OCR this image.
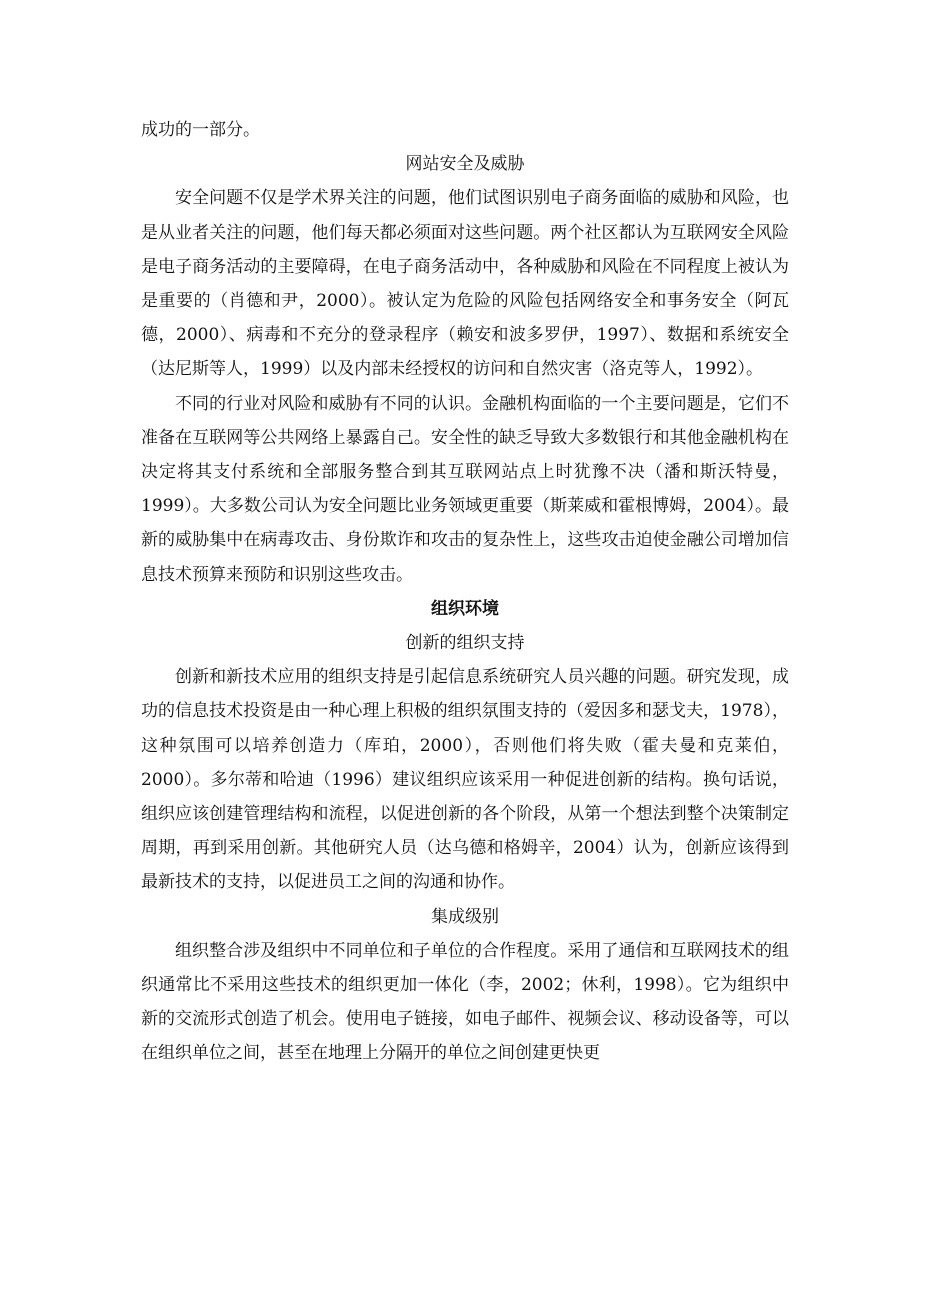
成功的一部分。

网站安全及威胁

安全问题不仅是学术界关注的问题，他们试图识别电子商务面临的威胁和风险，也是从业者关注的问题，他们每天都必须面对这些问题。两个社区都认为互联网安全风险是电子商务活动的主要障碍，在电子商务活动中，各种威胁和风险在不同程度上被认为是重要的（肖德和尹，2000）。被认定为危险的风险包括网络安全和事务安全（阿瓦德，2000）、病毒和不充分的登录程序（赖安和波多罗伊，1997）、数据和系统安全（达尼斯等人，1999）以及内部未经授权的访问和自然灾害（洛克等人，1992）。

不同的行业对风险和威胁有不同的认识。金融机构面临的一个主要问题是，它们不准备在互联网等公共网络上暴露自己。安全性的缺乏导致大多数银行和其他金融机构在决定将其支付系统和全部服务整合到其互联网站点上时犹豫不决（潘和斯沃特曼，1999）。大多数公司认为安全问题比业务领域更重要（斯莱威和霍根博姆，2004）。最新的威胁集中在病毒攻击、身份欺诈和攻击的复杂性上，这些攻击迫使金融公司增加信息技术预算来预防和识别这些攻击。

组织环境

创新的组织支持

创新和新技术应用的组织支持是引起信息系统研究人员兴趣的问题。研究发现，成功的信息技术投资是由一种心理上积极的组织氛围支持的（爱因多和瑟戈夫，1978），这种氛围可以培养创造力（库珀，2000），否则他们将失败（霍夫曼和克莱伯，2000）。多尔蒂和哈迪（1996）建议组织应该采用一种促进创新的结构。换句话说，组织应该创建管理结构和流程，以促进创新的各个阶段，从第一个想法到整个决策制定周期，再到采用创新。其他研究人员（达乌德和格姆辛，2004）认为，创新应该得到最新技术的支持，以促进员工之间的沟通和协作。

集成级别

组织整合涉及组织中不同单位和子单位的合作程度。采用了通信和互联网技术的组织通常比不采用这些技术的组织更加一体化（李，2002；休利，1998）。它为组织中新的交流形式创造了机会。使用电子链接，如电子邮件、视频会议、移动设备等，可以在组织单位之间，甚至在地理上分隔开的单位之间创建更快更
